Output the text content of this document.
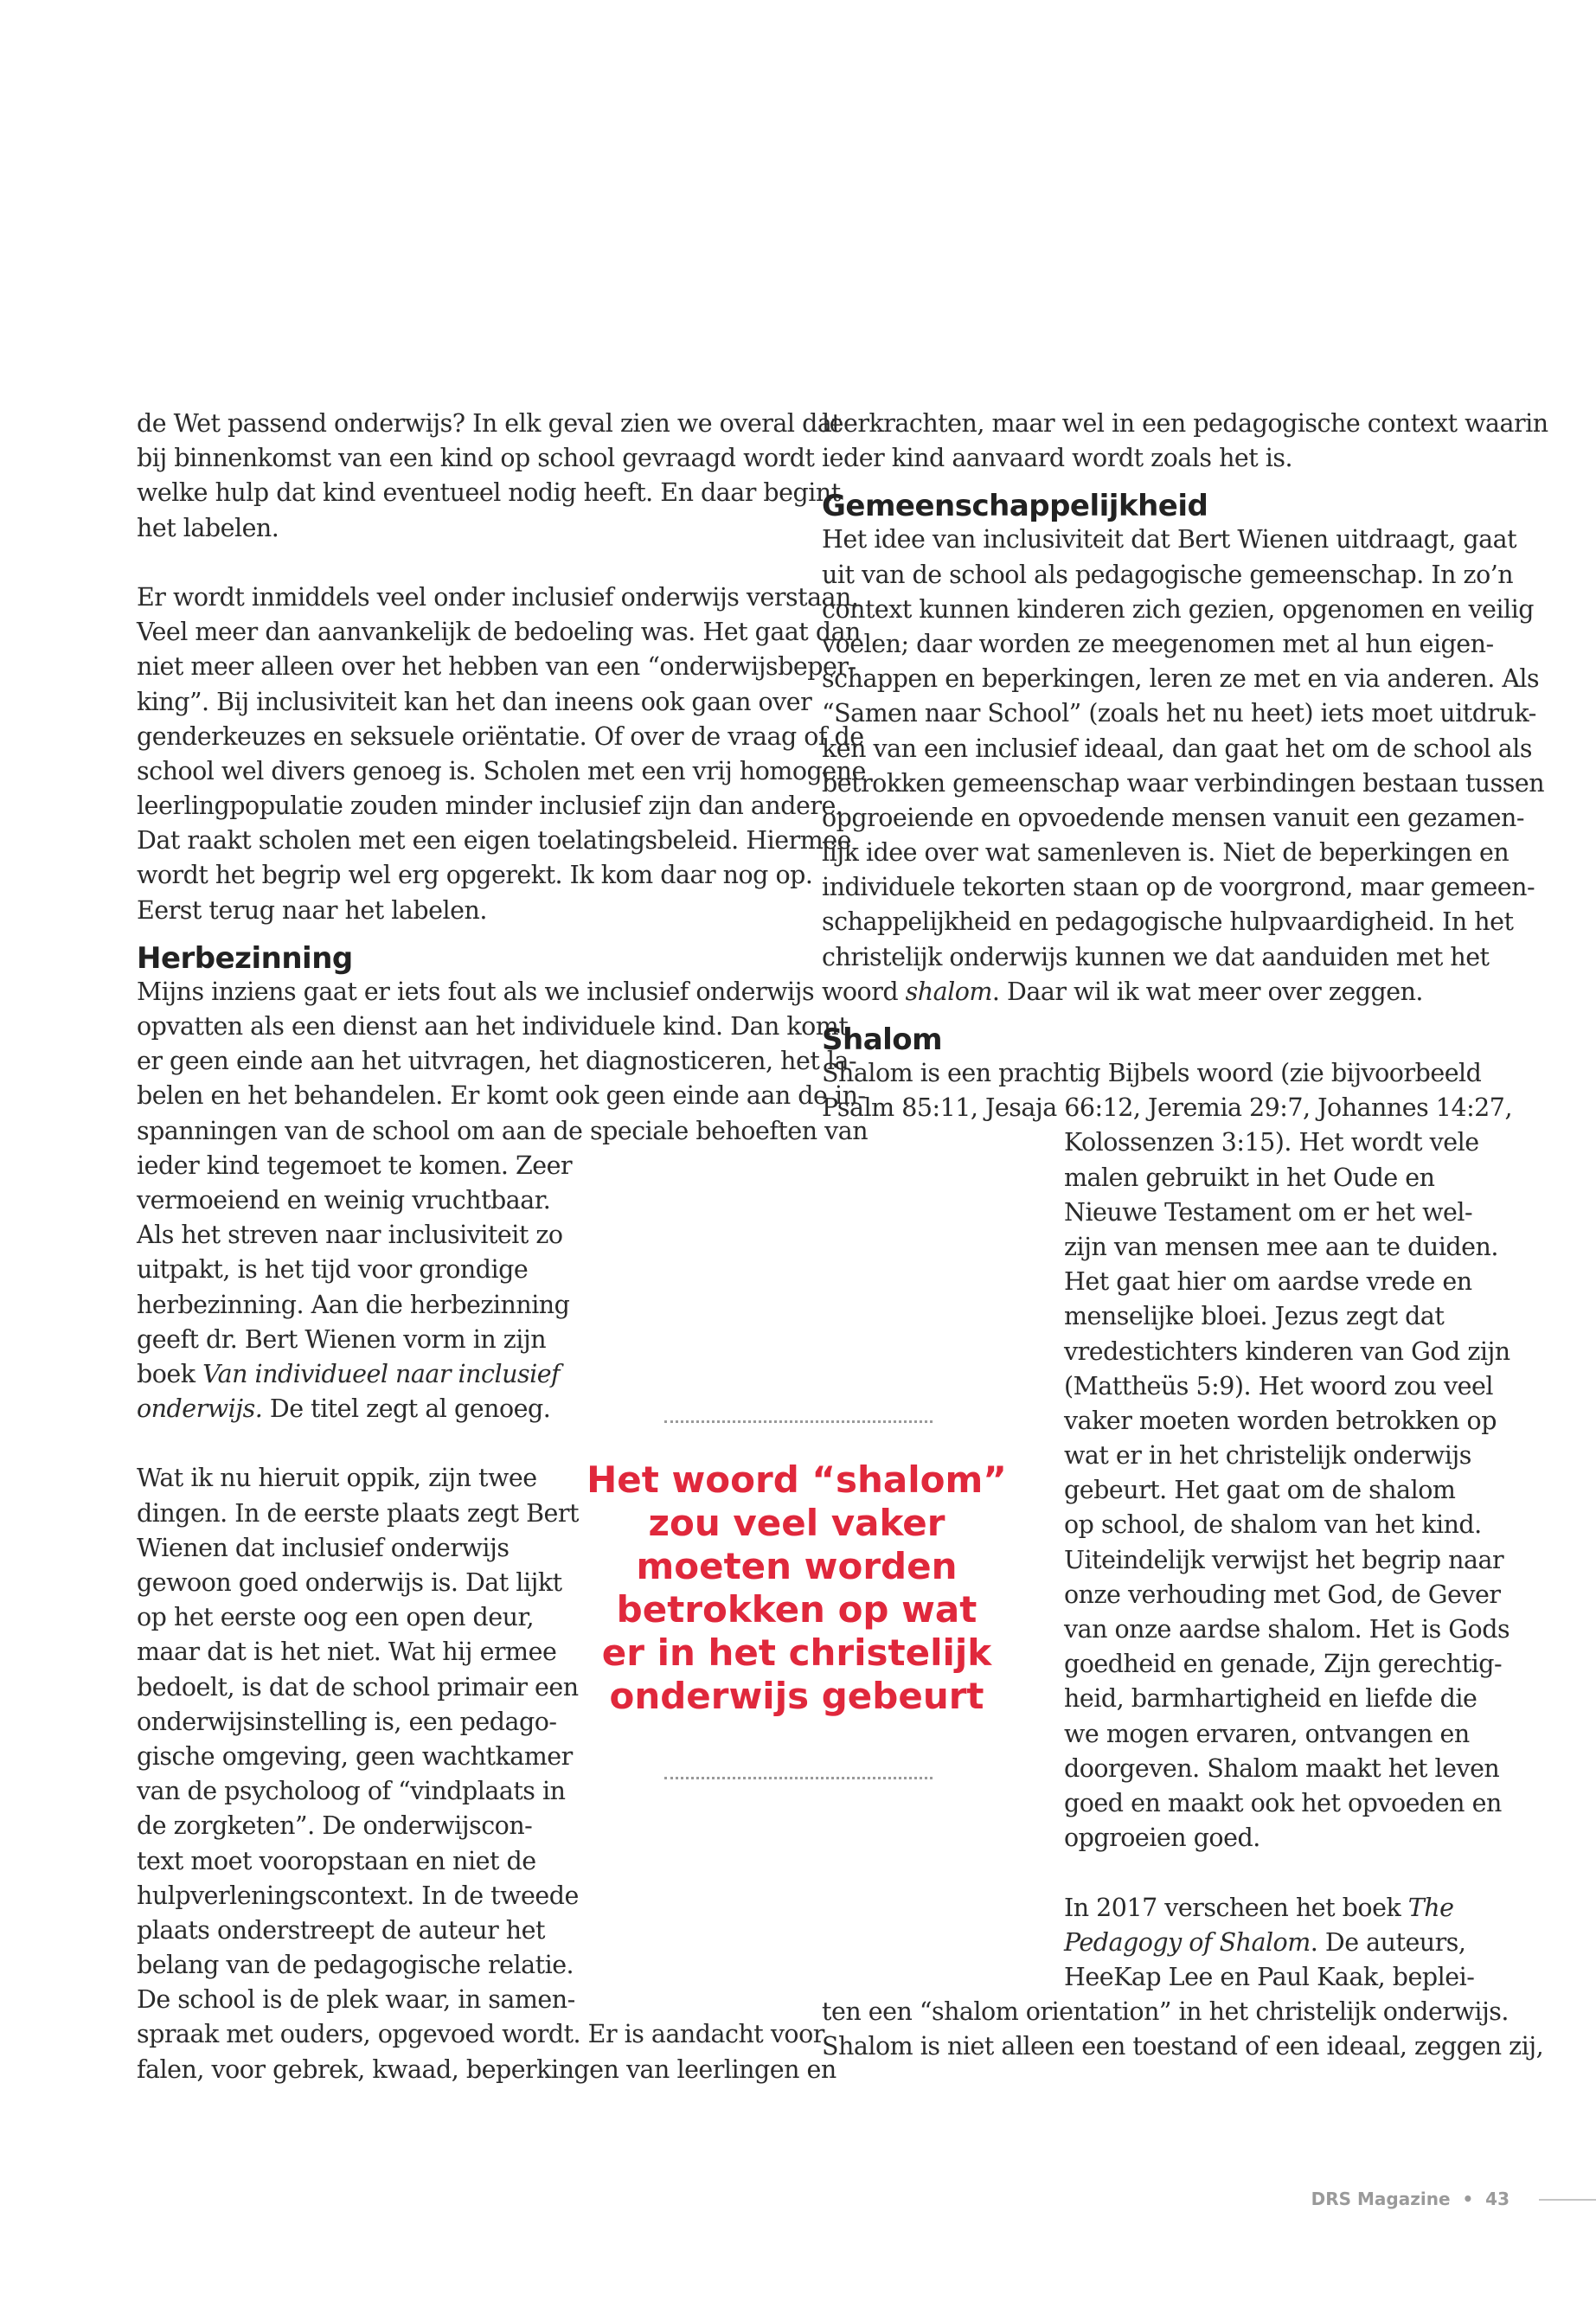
de Wet passend onderwijs? In elk geval zien we overal dat
bij binnenkomst van een kind op school gevraagd wordt
welke hulp dat kind eventueel nodig heeft. En daar begint
het labelen.
Er wordt inmiddels veel onder inclusief onderwijs verstaan.
Veel meer dan aanvankelijk de bedoeling was. Het gaat dan
niet meer alleen over het hebben van een “onderwijsbeper-
king”. Bij inclusiviteit kan het dan ineens ook gaan over
genderkeuzes en seksuele oriëntatie. Of over de vraag of de
school wel divers genoeg is. Scholen met een vrij homogene
leerlingpopulatie zouden minder inclusief zijn dan andere.
Dat raakt scholen met een eigen toelatingsbeleid. Hiermee
wordt het begrip wel erg opgerekt. Ik kom daar nog op.
Eerst terug naar het labelen.
Herbezinning
Mijns inziens gaat er iets fout als we inclusief onderwijs
opvatten als een dienst aan het individuele kind. Dan komt
er geen einde aan het uitvragen, het diagnosticeren, het la-
belen en het behandelen. Er komt ook geen einde aan de in-
spanningen van de school om aan de speciale behoeften van
ieder kind tegemoet te komen. Zeer
vermoeiend en weinig vruchtbaar.
Als het streven naar inclusiviteit zo
uitpakt, is het tijd voor grondige
herbezinning. Aan die herbezinning
geeft dr. Bert Wienen vorm in zijn
boek Van individueel naar inclusief
onderwijs. De titel zegt al genoeg.
Wat ik nu hieruit oppik, zijn twee
dingen. In de eerste plaats zegt Bert
Wienen dat inclusief onderwijs
gewoon goed onderwijs is. Dat lijkt
op het eerste oog een open deur,
maar dat is het niet. Wat hij ermee
bedoelt, is dat de school primair een
onderwijsinstelling is, een pedago-
gische omgeving, geen wachtkamer
van de psycholoog of “vindplaats in
de zorgketen”. De onderwijscon-
text moet vooropstaan en niet de
hulpverleningscontext. In de tweede
plaats onderstreept de auteur het
belang van de pedagogische relatie.
De school is de plek waar, in samen-
spraak met ouders, opgevoed wordt. Er is aandacht voor
falen, voor gebrek, kwaad, beperkingen van leerlingen en
leerkrachten, maar wel in een pedagogische context waarin
ieder kind aanvaard wordt zoals het is.
Gemeenschappelijkheid
Het idee van inclusiviteit dat Bert Wienen uitdraagt, gaat
uit van de school als pedagogische gemeenschap. In zo’n
context kunnen kinderen zich gezien, opgenomen en veilig
voelen; daar worden ze meegenomen met al hun eigen-
schappen en beperkingen, leren ze met en via anderen. Als
“Samen naar School” (zoals het nu heet) iets moet uitdruk-
ken van een inclusief ideaal, dan gaat het om de school als
betrokken gemeenschap waar verbindingen bestaan tussen
opgroeiende en opvoedende mensen vanuit een gezamen-
lijk idee over wat samenleven is. Niet de beperkingen en
individuele tekorten staan op de voorgrond, maar gemeen-
schappelijkheid en pedagogische hulpvaardigheid. In het
christelijk onderwijs kunnen we dat aanduiden met het
woord shalom. Daar wil ik wat meer over zeggen.
Shalom
Shalom is een prachtig Bijbels woord (zie bijvoorbeeld
Psalm 85:11, Jesaja 66:12, Jeremia 29:7, Johannes 14:27,
Kolossenzen 3:15). Het wordt vele
malen gebruikt in het Oude en
Nieuwe Testament om er het wel-
zijn van mensen mee aan te duiden.
Het gaat hier om aardse vrede en
menselijke bloei. Jezus zegt dat
vredestichters kinderen van God zijn
(Mattheüs 5:9). Het woord zou veel
vaker moeten worden betrokken op
wat er in het christelijk onderwijs
gebeurt. Het gaat om de shalom
op school, de shalom van het kind.
Uiteindelijk verwijst het begrip naar
onze verhouding met God, de Gever
van onze aardse shalom. Het is Gods
goedheid en genade, Zijn gerechtig-
heid, barmhartigheid en liefde die
we mogen ervaren, ontvangen en
doorgeven. Shalom maakt het leven
goed en maakt ook het opvoeden en
opgroeien goed.
In 2017 verscheen het boek The
Pedagogy of Shalom. De auteurs,
HeeKap Lee en Paul Kaak, beplei-
ten een “shalom orientation” in het christelijk onderwijs.
Shalom is niet alleen een toestand of een ideaal, zeggen zij,
Het woord “shalom”
zou veel vaker
moeten worden
betrokken op wat
er in het christelijk
onderwijs gebeurt
DRS Magazine  •  43
